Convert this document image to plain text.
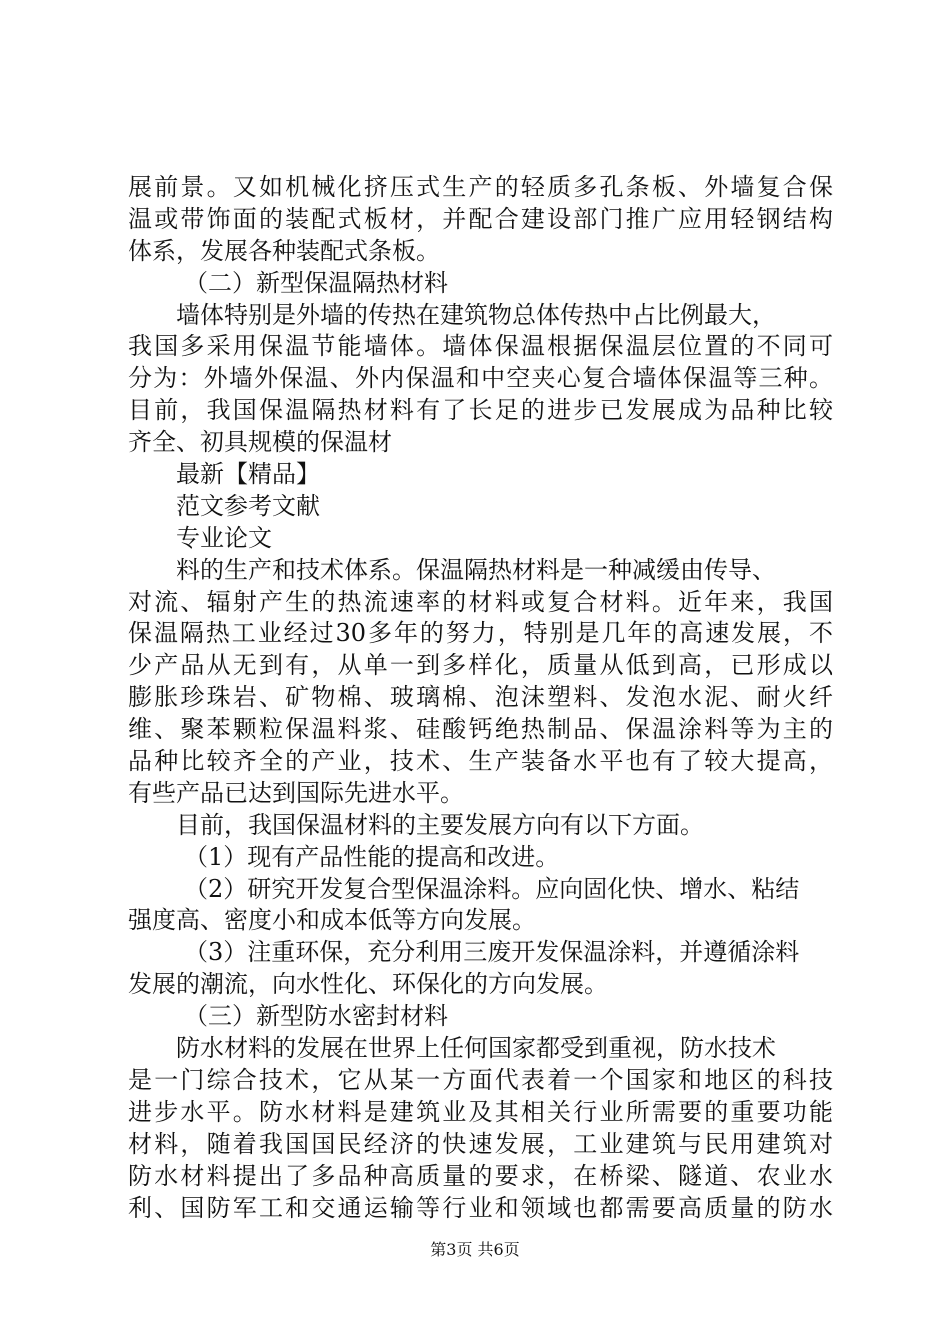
展前景。又如机械化挤压式生产的轻质多孔条板、外墙复合保
温或带饰面的装配式板材，并配合建设部门推广应用轻钢结构
体系，发展各种装配式条板。
（二）新型保温隔热材料
墙体特别是外墙的传热在建筑物总体传热中占比例最大，
我国多采用保温节能墙体。墙体保温根据保温层位置的不同可
分为：外墙外保温、外内保温和中空夹心复合墙体保温等三种。
目前，我国保温隔热材料有了长足的进步已发展成为品种比较
齐全、初具规模的保温材
最新【精品】
范文参考文献
专业论文
料的生产和技术体系。保温隔热材料是一种减缓由传导、
对流、辐射产生的热流速率的材料或复合材料。近年来，我国
保温隔热工业经过30多年的努力，特别是几年的高速发展，不
少产品从无到有，从单一到多样化，质量从低到高，已形成以
膨胀珍珠岩、矿物棉、玻璃棉、泡沫塑料、发泡水泥、耐火纤
维、聚苯颗粒保温料浆、硅酸钙绝热制品、保温涂料等为主的
品种比较齐全的产业，技术、生产装备水平也有了较大提高，
有些产品已达到国际先进水平。
目前，我国保温材料的主要发展方向有以下方面。
（1）现有产品性能的提高和改进。
（2）研究开发复合型保温涂料。应向固化快、增水、粘结
强度高、密度小和成本低等方向发展。
（3）注重环保，充分利用三废开发保温涂料，并遵循涂料
发展的潮流，向水性化、环保化的方向发展。
（三）新型防水密封材料
防水材料的发展在世界上任何国家都受到重视，防水技术
是一门综合技术，它从某一方面代表着一个国家和地区的科技
进步水平。防水材料是建筑业及其相关行业所需要的重要功能
材料，随着我国国民经济的快速发展，工业建筑与民用建筑对
防水材料提出了多品种高质量的要求，在桥梁、隧道、农业水
利、国防军工和交通运输等行业和领域也都需要高质量的防水
第3页 共6页
